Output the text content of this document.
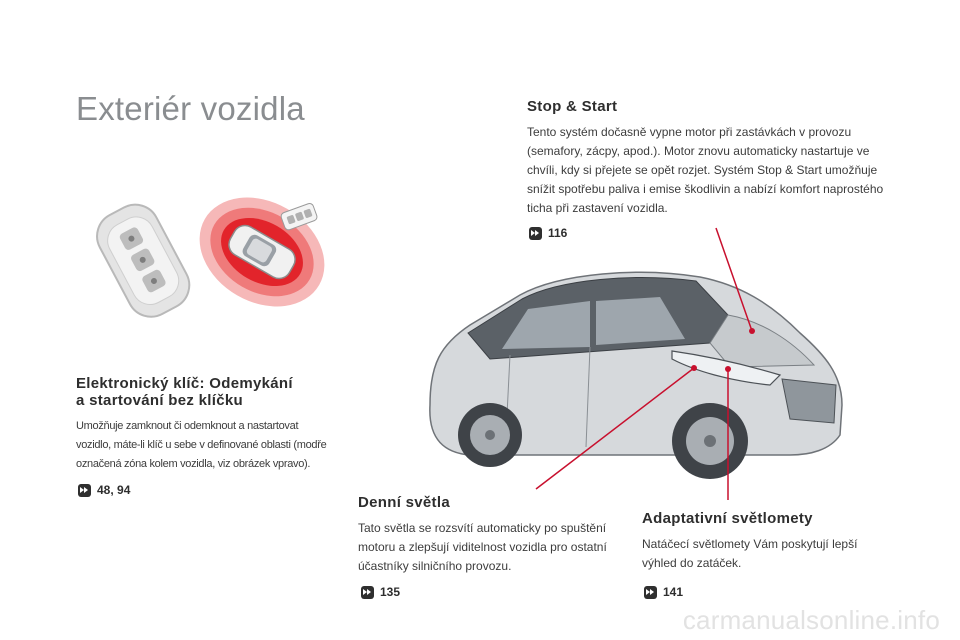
Exteriér vozidla	Stop & Start

Tento systém dočasně vypne motor při zastávkách v provozu

(semafory, zácpy, apod.). Motor znovu automaticky nastartuje ve

chvíli, kdy si přejete se opět rozjet. Systém Stop & Start umožňuje

snížit spotřebu paliva i emise škodlivin a nabízí komfort naprostého

ticha při zastavení vozidla.

116
Elektronický klíč: Odemykání
a startování bez klíčku

Umožňuje zamknout či odemknout a nastartovat

vozidlo, máte-li klíč u sebe v definované oblasti (modře

označená zóna kolem vozidla, viz obrázek vpravo).

48, 94
Denní světla

Tato světla se rozsvítí automaticky po spuštění

motoru a zlepšují viditelnost vozidla pro ostatní

účastníky silničního provozu.

135
Adaptativní světlomety

Natáčecí světlomety Vám poskytují lepší

výhled do zatáček.

141
carmanualsonline.info
